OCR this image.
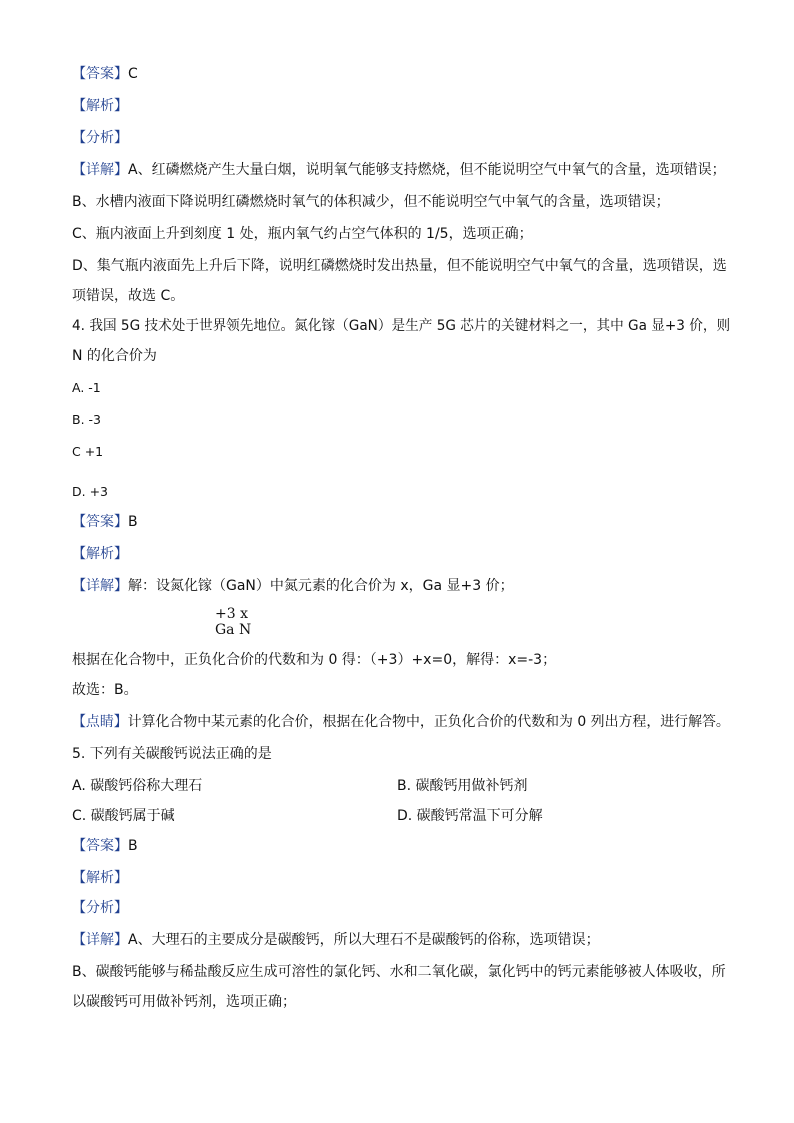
【答案】C
【解析】
【分析】
【详解】A、红磷燃烧产生大量白烟，说明氧气能够支持燃烧，但不能说明空气中氧气的含量，选项错误；
B、水槽内液面下降说明红磷燃烧时氧气的体积减少，但不能说明空气中氧气的含量，选项错误；
C、瓶内液面上升到刻度 1 处，瓶内氧气约占空气体积的 1/5，选项正确；
D、集气瓶内液面先上升后下降，说明红磷燃烧时发出热量，但不能说明空气中氧气的含量，选项错误，选
项错误，故选 C。
4. 我国 5G 技术处于世界领先地位。氮化镓（GaN）是生产 5G 芯片的关键材料之一，其中 Ga 显+3 价，则
N 的化合价为
A. -1
B. -3
C +1
D. +3
【答案】B
【解析】
【详解】解：设氮化镓（GaN）中氮元素的化合价为 x，Ga 显+3 价；
+3 x
Ga N
根据在化合物中，正负化合价的代数和为 0 得：（+3）+x=0，解得：x=-3；
故选：B。
【点睛】计算化合物中某元素的化合价，根据在化合物中，正负化合价的代数和为 0 列出方程，进行解答。
5. 下列有关碳酸钙说法正确的是
A. 碳酸钙俗称大理石	B. 碳酸钙用做补钙剂
C. 碳酸钙属于碱	D. 碳酸钙常温下可分解
【答案】B
【解析】
【分析】
【详解】A、大理石的主要成分是碳酸钙，所以大理石不是碳酸钙的俗称，选项错误；
B、碳酸钙能够与稀盐酸反应生成可溶性的氯化钙、水和二氧化碳，氯化钙中的钙元素能够被人体吸收，所
以碳酸钙可用做补钙剂，选项正确；
